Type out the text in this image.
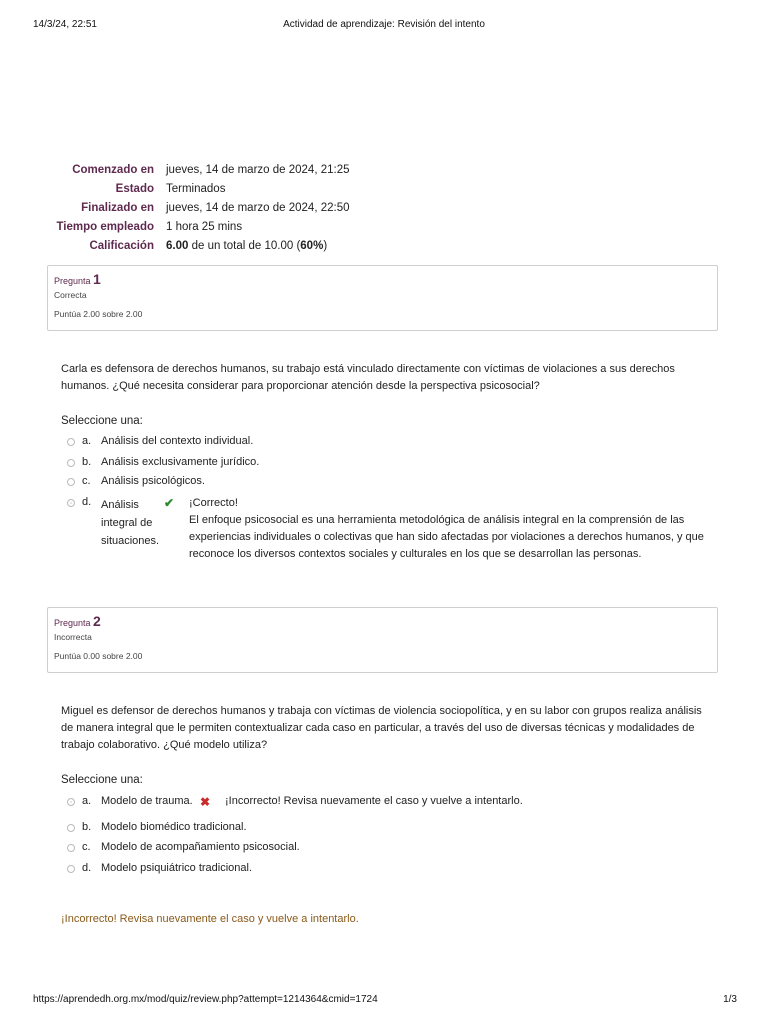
14/3/24, 22:51	Actividad de aprendizaje: Revisión del intento
Comenzado en	jueves, 14 de marzo de 2024, 21:25
Estado	Terminados
Finalizado en	jueves, 14 de marzo de 2024, 22:50
Tiempo empleado	1 hora 25 mins
Calificación	6.00 de un total de 10.00 (60%)
Pregunta 1
Correcta
Puntúa 2.00 sobre 2.00
Carla es defensora de derechos humanos, su trabajo está vinculado directamente con víctimas de violaciones a sus derechos humanos. ¿Qué necesita considerar para proporcionar atención desde la perspectiva psicosocial?
Seleccione una:
a. Análisis del contexto individual.
b. Análisis exclusivamente jurídico.
c. Análisis psicológicos.
d. Análisis integral de situaciones.
✔ ¡Correcto!
El enfoque psicosocial es una herramienta metodológica de análisis integral en la comprensión de las experiencias individuales o colectivas que han sido afectadas por violaciones a derechos humanos, y que reconoce los diversos contextos sociales y culturales en los que se desarrollan las personas.
Pregunta 2
Incorrecta
Puntúa 0.00 sobre 2.00
Miguel es defensor de derechos humanos y trabaja con víctimas de violencia sociopolítica, y en su labor con grupos realiza análisis de manera integral que le permiten contextualizar cada caso en particular, a través del uso de diversas técnicas y modalidades de trabajo colaborativo. ¿Qué modelo utiliza?
Seleccione una:
a. Modelo de trauma. ✖ ¡Incorrecto! Revisa nuevamente el caso y vuelve a intentarlo.
b. Modelo biomédico tradicional.
c. Modelo de acompañamiento psicosocial.
d. Modelo psiquiátrico tradicional.
¡Incorrecto! Revisa nuevamente el caso y vuelve a intentarlo.
https://aprendedh.org.mx/mod/quiz/review.php?attempt=1214364&cmid=1724	1/3
